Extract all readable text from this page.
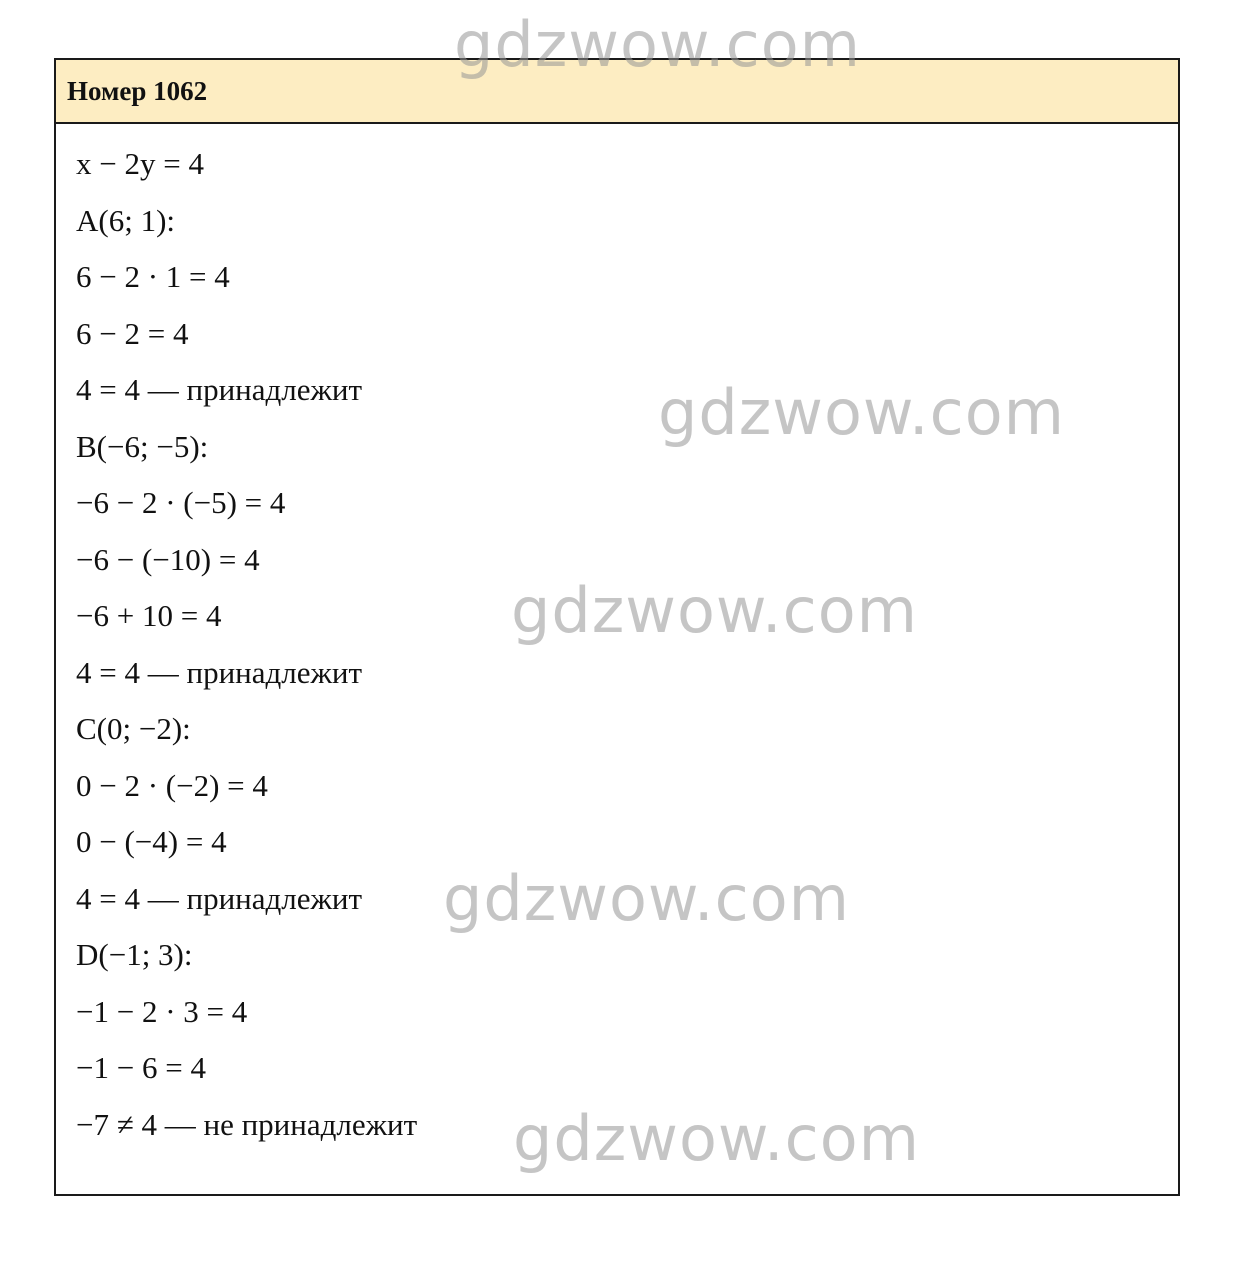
Номер 1062
x − 2y = 4
A(6; 1):
6 − 2 · 1 = 4
6 − 2 = 4
4 = 4 — принадлежит
B(−6; −5):
−6 − 2 · (−5) = 4
−6 − (−10) = 4
−6 + 10 = 4
4 = 4 — принадлежит
C(0; −2):
0 − 2 · (−2) = 4
0 − (−4) = 4
4 = 4 — принадлежит
D(−1; 3):
−1 − 2 · 3 = 4
−1 − 6 = 4
−7 ≠ 4 — не принадлежит
gdzwow.com
gdzwow.com
gdzwow.com
gdzwow.com
gdzwow.com
